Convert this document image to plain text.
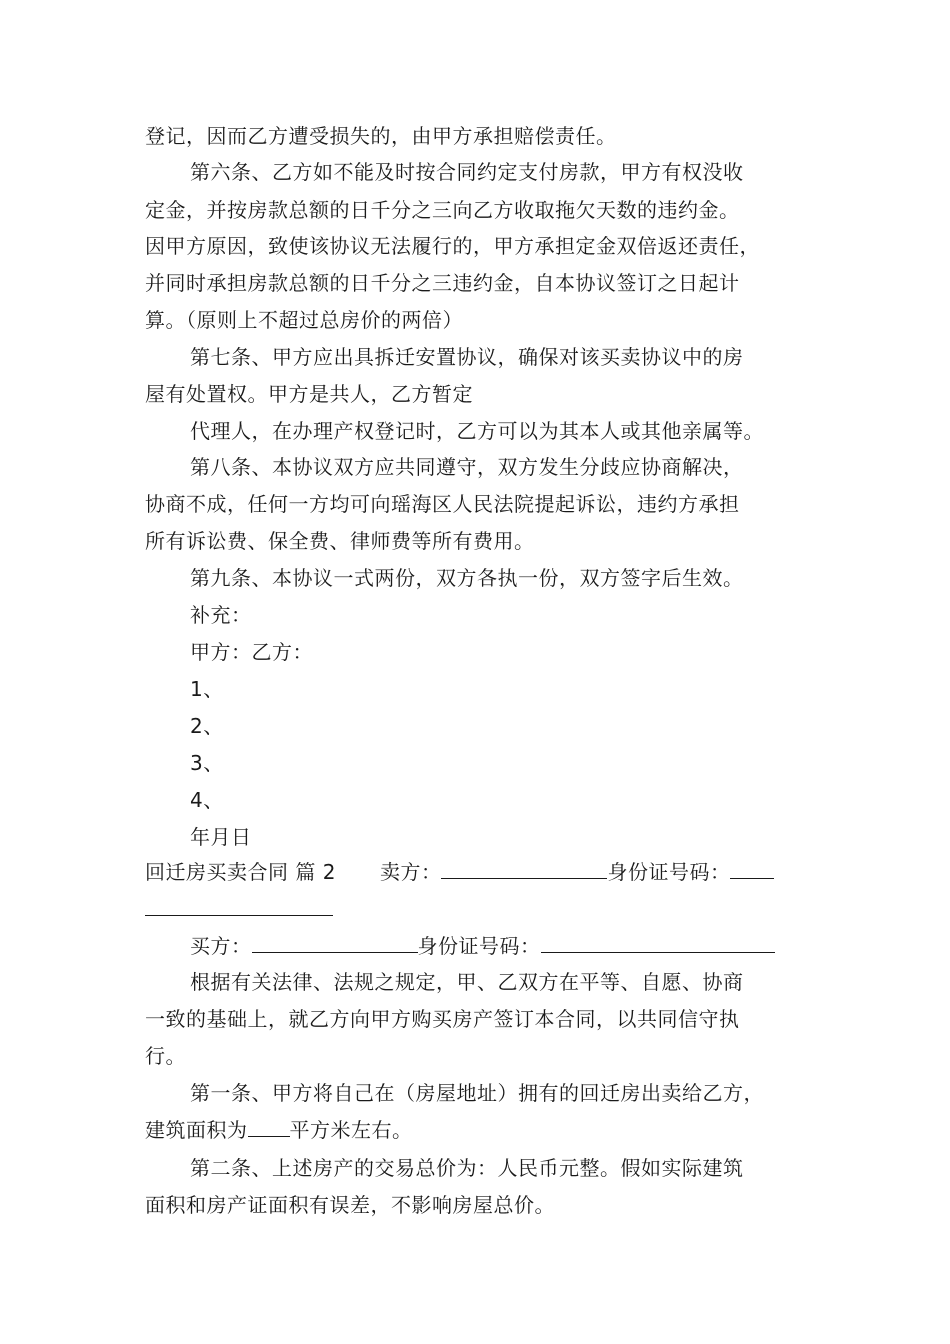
登记，因而乙方遭受损失的，由甲方承担赔偿责任。
第六条、乙方如不能及时按合同约定支付房款，甲方有权没收
定金，并按房款总额的日千分之三向乙方收取拖欠天数的违约金。
因甲方原因，致使该协议无法履行的，甲方承担定金双倍返还责任，
并同时承担房款总额的日千分之三违约金，自本协议签订之日起计
算。（原则上不超过总房价的两倍）
第七条、甲方应出具拆迁安置协议，确保对该买卖协议中的房
屋有处置权。甲方是共人，乙方暂定
代理人，在办理产权登记时，乙方可以为其本人或其他亲属等。
第八条、本协议双方应共同遵守，双方发生分歧应协商解决，
协商不成，任何一方均可向瑶海区人民法院提起诉讼，违约方承担
所有诉讼费、保全费、律师费等所有费用。
第九条、本协议一式两份，双方各执一份，双方签字后生效。
补充：
甲方：乙方：
1、
2、
3、
4、
年月日
回迁房买卖合同 篇 2 卖方：	身份证号码：
买方：	身份证号码：
根据有关法律、法规之规定，甲、乙双方在平等、自愿、协商
一致的基础上，就乙方向甲方购买房产签订本合同，以共同信守执
行。
第一条、甲方将自己在（房屋地址）拥有的回迁房出卖给乙方，
建筑面积为 平方米左右。
第二条、上述房产的交易总价为：人民币元整。假如实际建筑
面积和房产证面积有误差，不影响房屋总价。
